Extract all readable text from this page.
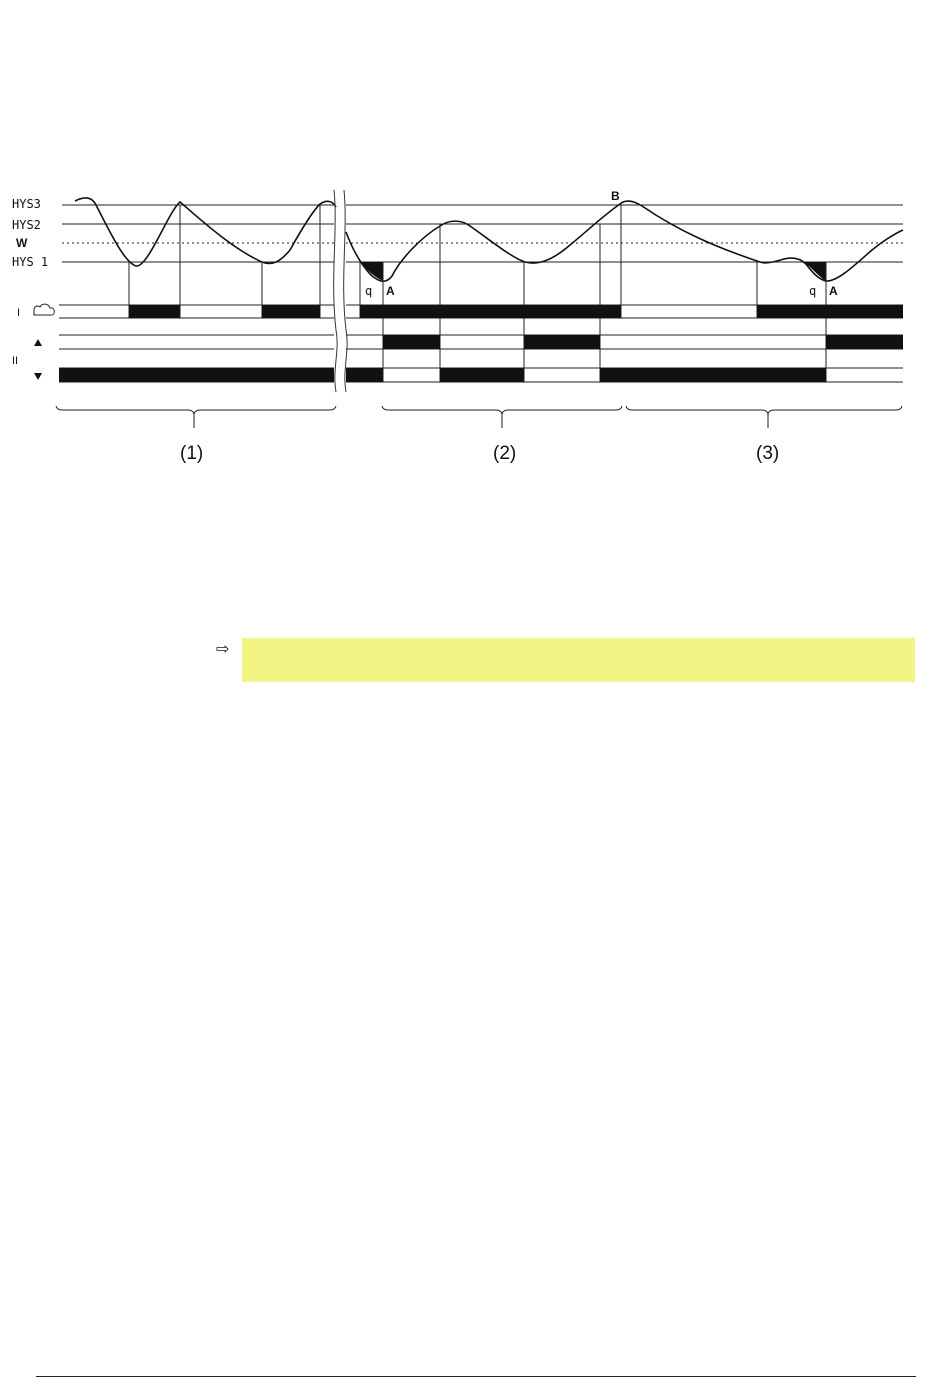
HYS3
HYS2
W
HYS 1
I
II
q A
B
q A
(1)	(2)	(3)
⇨
